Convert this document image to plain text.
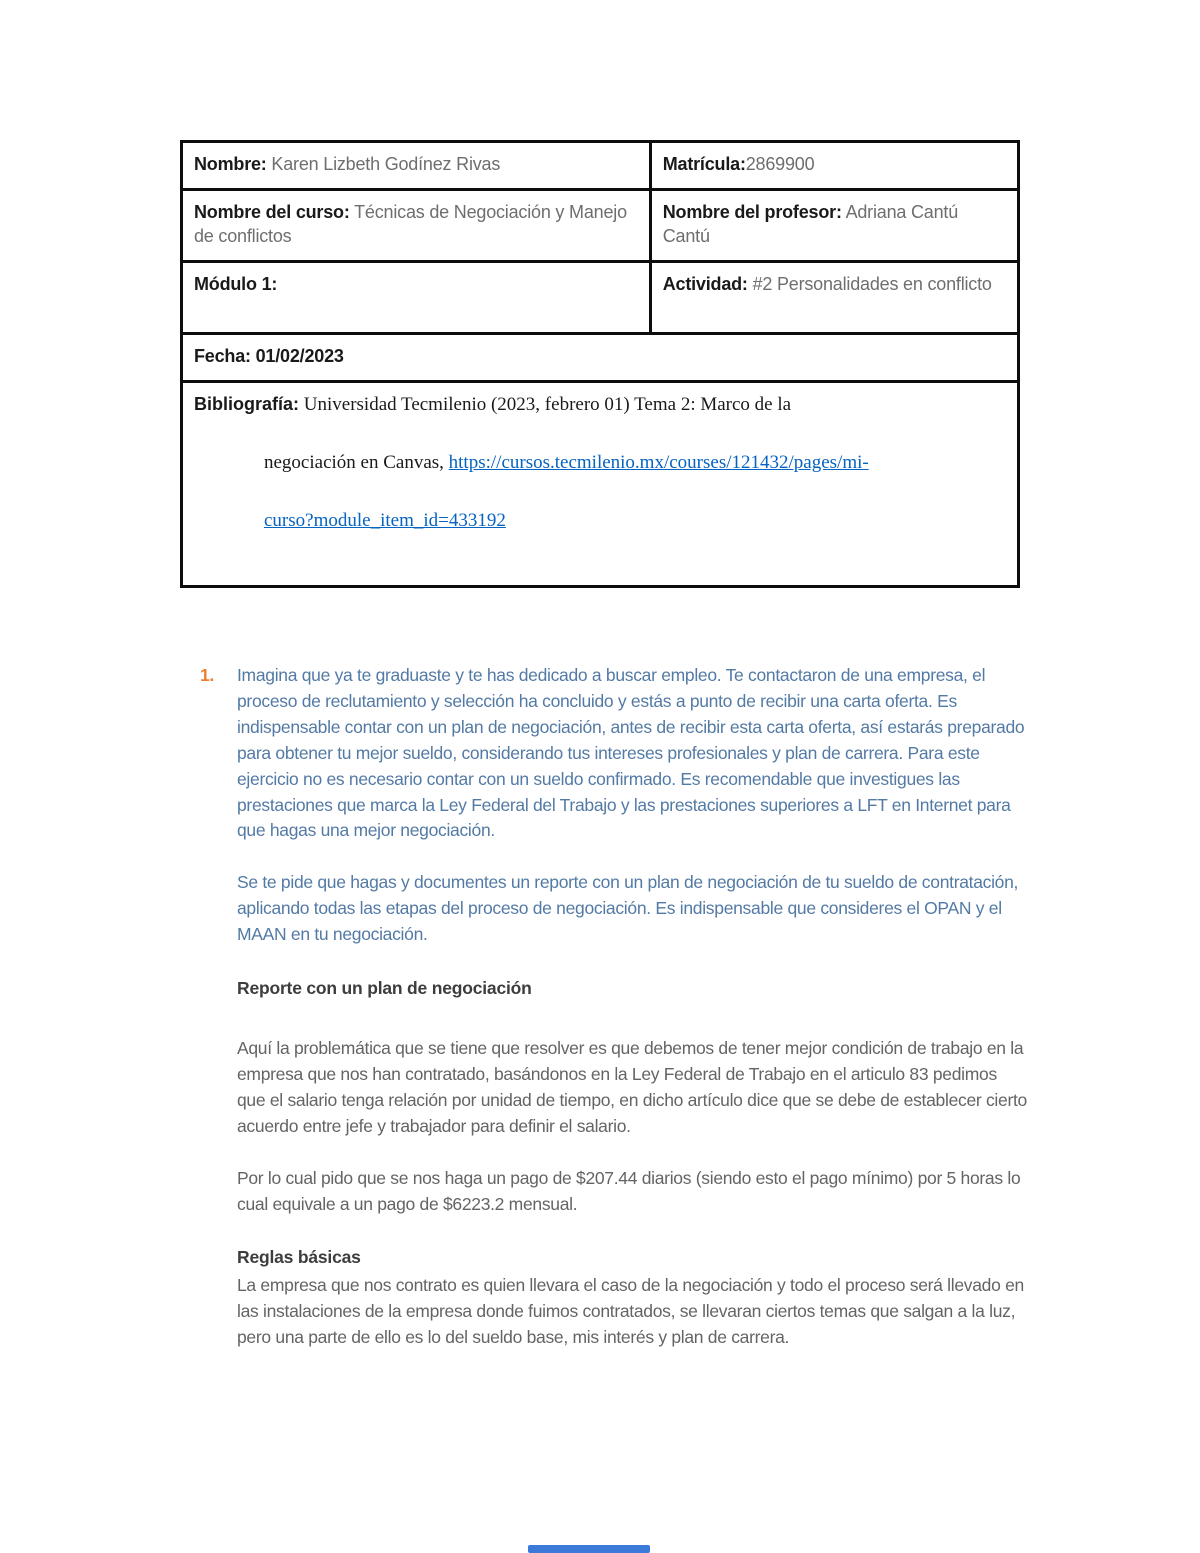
Nombre: Karen Lizbeth Godínez Rivas	Matrícula:2869900
Nombre del curso: Técnicas de Negociación y Manejo de conflictos	Nombre del profesor: Adriana Cantú Cantú
Módulo 1:	Actividad: #2 Personalidades en conflicto
Fecha: 01/02/2023	

Bibliografía: Universidad Tecmilenio (2023, febrero 01) Tema 2: Marco de la
negociación en Canvas, https://cursos.tecmilenio.mx/courses/121432/pages/mi-
curso?module_item_id=433192	
1.	Imagina que ya te graduaste y te has dedicado a buscar empleo. Te contactaron de una empresa, el proceso de reclutamiento y selección ha concluido y estás a punto de recibir una carta oferta. Es indispensable contar con un plan de negociación, antes de recibir esta carta oferta, así estarás preparado para obtener tu mejor sueldo, considerando tus intereses profesionales y plan de carrera. Para este ejercicio no es necesario contar con un sueldo confirmado. Es recomendable que investigues las prestaciones que marca la Ley Federal del Trabajo y las prestaciones superiores a LFT en Internet para que hagas una mejor negociación.

Se te pide que hagas y documentes un reporte con un plan de negociación de tu sueldo de contratación, aplicando todas las etapas del proceso de negociación. Es indispensable que consideres el OPAN y el MAAN en tu negociación.

Reporte con un plan de negociación

Aquí la problemática que se tiene que resolver es que debemos de tener mejor condición de trabajo en la empresa que nos han contratado, basándonos en la Ley Federal de Trabajo en el articulo 83 pedimos que el salario tenga relación por unidad de tiempo, en dicho artículo dice que se debe de establecer cierto acuerdo entre jefe y trabajador para definir el salario.

Por lo cual pido que se nos haga un pago de $207.44 diarios (siendo esto el pago mínimo) por 5 horas lo cual equivale a un pago de $6223.2 mensual.

Reglas básicas

La empresa que nos contrato es quien llevara el caso de la negociación y todo el proceso será llevado en las instalaciones de la empresa donde fuimos contratados, se llevaran ciertos temas que salgan a la luz, pero una parte de ello es lo del sueldo base, mis interés y plan de carrera.
